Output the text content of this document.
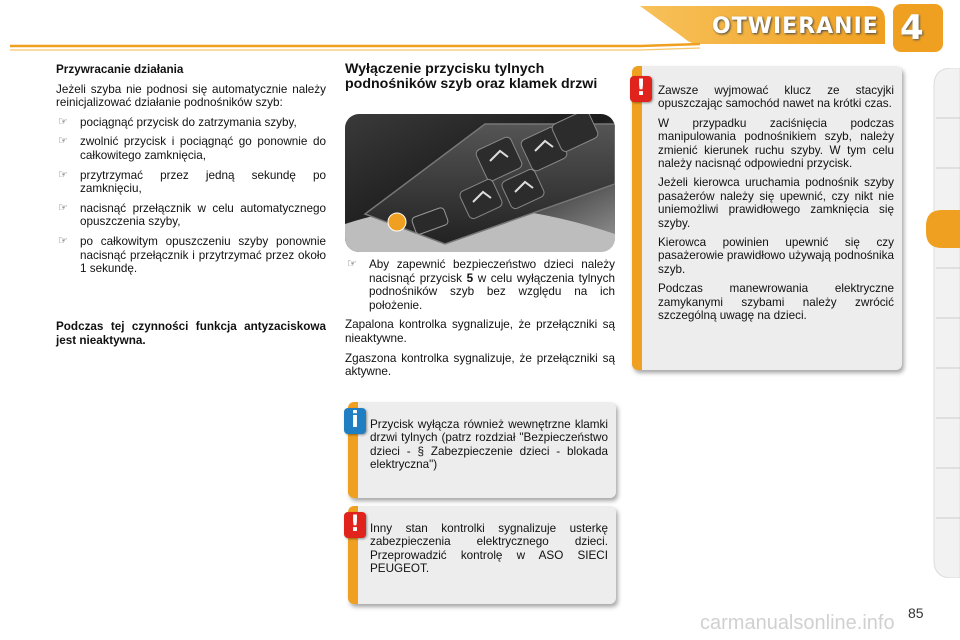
OTWIERANIE 4

Przywracanie działania

Jeżeli szyba nie podnosi się automatycznie należy reinicjalizować działanie podnośników szyb:

☞ pociągnąć przycisk do zatrzymania szyby,
☞ zwolnić przycisk i pociągnąć go ponownie do całkowitego zamknięcia,
☞ przytrzymać przez jedną sekundę po zamknięciu,
☞ nacisnąć przełącznik w celu automatycznego opuszczenia szyby,
☞ po całkowitym opuszczeniu szyby ponownie nacisnąć przełącznik i przytrzymać przez około 1 sekundę.
Podczas tej czynności funkcja antyzaciskowa jest nieaktywna.
Wyłączenie przycisku tylnych podnośników szyb oraz klamek drzwi
☞ Aby zapewnić bezpieczeństwo dzieci należy nacisnąć przycisk 5 w celu wyłączenia tylnych podnośników szyb bez względu na ich położenie.

Zapalona kontrolka sygnalizuje, że przełączniki są nieaktywne.

Zgaszona kontrolka sygnalizuje, że przełączniki są aktywne.

Przycisk wyłącza również wewnętrzne klamki drzwi tylnych (patrz rozdział "Bezpieczeństwo dzieci - § Zabezpieczenie dzieci - blokada elektryczna")
i
Inny stan kontrolki sygnalizuje usterkę zabezpieczenia elektrycznego dzieci. Przeprowadzić kontrolę w ASO SIECI PEUGEOT.
!

Zawsze wyjmować klucz ze stacyjki opuszczając samochód nawet na krótki czas.

W przypadku zaciśnięcia podczas manipulowania podnośnikiem szyb, należy zmienić kierunek ruchu szyby. W tym celu należy nacisnąć odpowiedni przycisk.

Jeżeli kierowca uruchamia podnośnik szyby pasażerów należy się upewnić, czy nikt nie uniemożliwi prawidłowego zamknięcia się szyby.

Kierowca powinien upewnić się czy pasażerowie prawidłowo używają podnośnika szyb.

Podczas manewrowania elektryczne zamykanymi szybami należy zwrócić szczególną uwagę na dzieci.

!
85
carmanualsonline.info
